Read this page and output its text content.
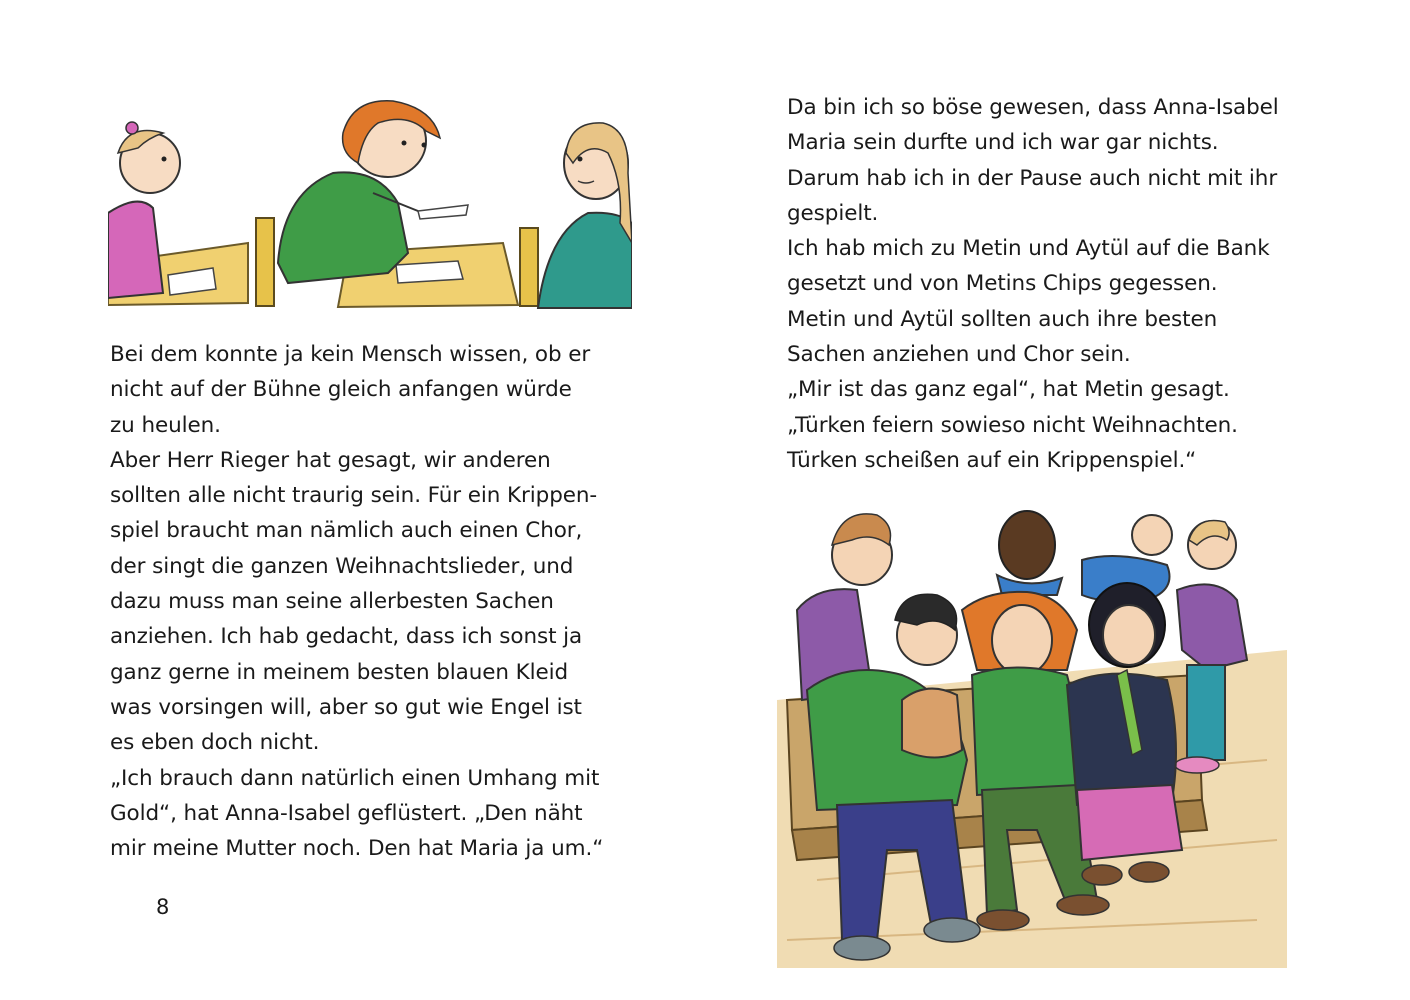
Bei dem konnte ja kein Mensch wissen, ob er
nicht auf der Bühne gleich anfangen würde
zu heulen.
Aber Herr Rieger hat gesagt, wir anderen
sollten alle nicht traurig sein. Für ein Krippen-
spiel braucht man nämlich auch einen Chor,
der singt die ganzen Weihnachtslieder, und
dazu muss man seine allerbesten Sachen
anziehen. Ich hab gedacht, dass ich sonst ja
ganz gerne in meinem besten blauen Kleid
was vorsingen will, aber so gut wie Engel ist
es eben doch nicht.
„Ich brauch dann natürlich einen Umhang mit
Gold“, hat Anna-Isabel geflüstert. „Den näht
mir meine Mutter noch. Den hat Maria ja um.“
8
Da bin ich so böse gewesen, dass Anna-Isabel
Maria sein durfte und ich war gar nichts.
Darum hab ich in der Pause auch nicht mit ihr
gespielt.
Ich hab mich zu Metin und Aytül auf die Bank
gesetzt und von Metins Chips gegessen.
Metin und Aytül sollten auch ihre besten
Sachen anziehen und Chor sein.
„Mir ist das ganz egal“, hat Metin gesagt.
„Türken feiern sowieso nicht Weihnachten.
Türken scheißen auf ein Krippenspiel.“
